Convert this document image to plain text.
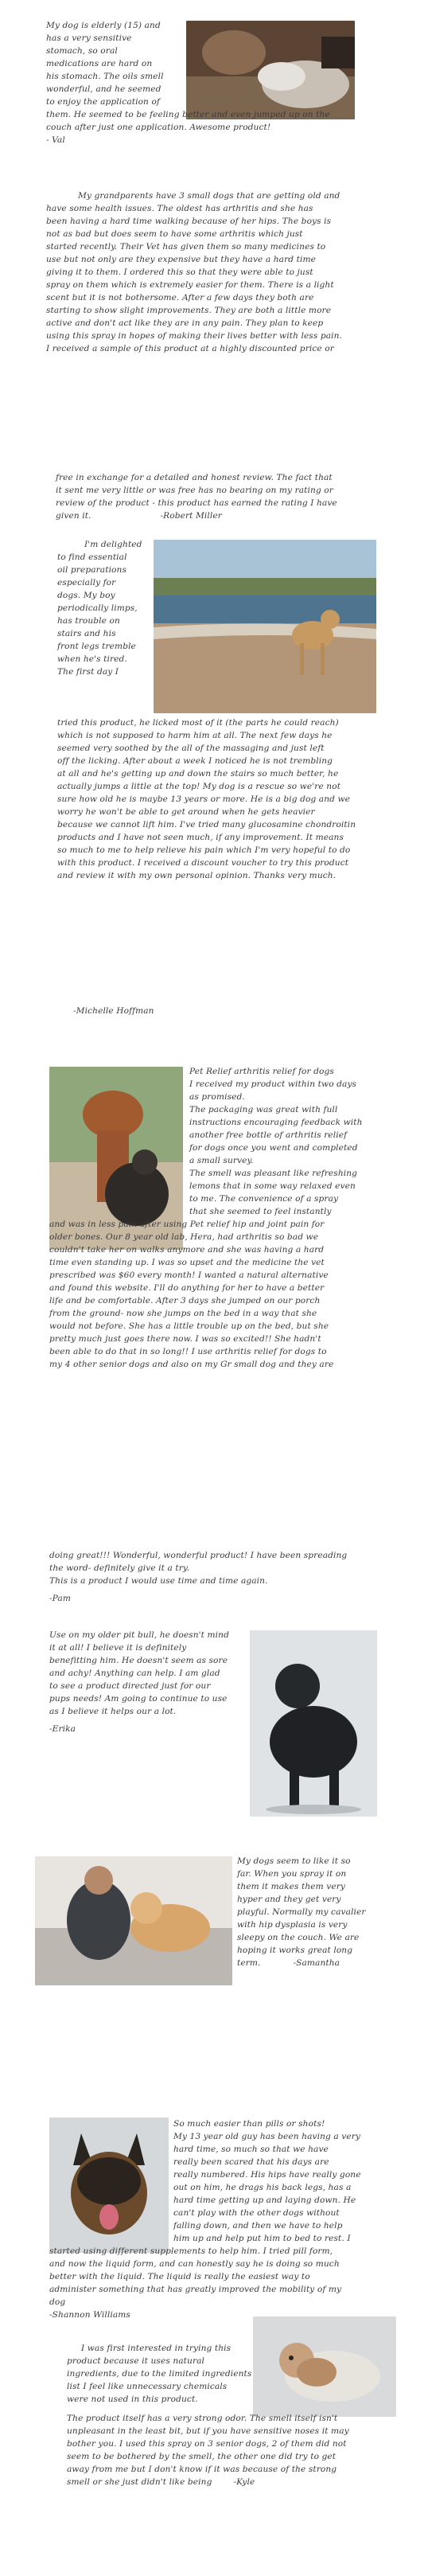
My dog is elderly (15) and
has a very sensitive
stomach, so oral
medications are hard on
his stomach. The oils smell
wonderful, and he seemed
to enjoy the application of
them. He seemed to be feeling better and even jumped up on the
couch after just one application. Awesome product!
- Val
My grandparents have 3 small dogs that are getting old and
have some health issues. The oldest has arthritis and she has
been having a hard time walking because of her hips. The boys is
not as bad but does seem to have some arthritis which just
started recently. Their Vet has given them so many medicines to
use but not only are they expensive but they have a hard time
giving it to them. I ordered this so that they were able to just
spray on them which is extremely easier for them. There is a light
scent but it is not bothersome. After a few days they both are
starting to show slight improvements. They are both a little more
active and don't act like they are in any pain. They plan to keep
using this spray in hopes of making their lives better with less pain.
I received a sample of this product at a highly discounted price or
free in exchange for a detailed and honest review. The fact that
it sent me very little or was free has no bearing on my rating or
review of the product - this product has earned the rating I have
given it.	-Robert Miller
I'm delighted
to find essential
oil preparations
especially for
dogs. My boy
periodically limps,
has trouble on
stairs and his
front legs tremble
when he's tired.
The first day I
tried this product, he licked most of it (the parts he could reach)
which is not supposed to harm him at all. The next few days he
seemed very soothed by the all of the massaging and just left
off the licking. After about a week I noticed he is not trembling
at all and he's getting up and down the stairs so much better, he
actually jumps a little at the top! My dog is a rescue so we're not
sure how old he is maybe 13 years or more. He is a big dog and we
worry he won't be able to get around when he gets heavier
because we cannot lift him. I've tried many glucosamine chondroitin
products and I have not seen much, if any improvement. It means
so much to me to help relieve his pain which I'm very hopeful to do
with this product. I received a discount voucher to try this product
and review it with my own personal opinion. Thanks very much.
-Michelle Hoffman
Pet Relief arthritis relief for dogs
I received my product within two days
as promised.
The packaging was great with full
instructions encouraging feedback with
another free bottle of arthritis relief
for dogs once you went and completed
a small survey.
The smell was pleasant like refreshing
lemons that in some way relaxed even
to me. The convenience of a spray
that she seemed to feel instantly
and was in less pain after using Pet relief hip and joint pain for
older bones. Our 8 year old lab, Hera, had arthritis so bad we
couldn't take her on walks anymore and she was having a hard
time even standing up. I was so upset and the medicine the vet
prescribed was $60 every month! I wanted a natural alternative
and found this website. I'll do anything for her to have a better
life and be comfortable. After 3 days she jumped on our porch
from the ground- now she jumps on the bed in a way that she
would not before. She has a little trouble up on the bed, but she
pretty much just goes there now. I was so excited!! She hadn't
been able to do that in so long!! I use arthritis relief for dogs to
my 4 other senior dogs and also on my Gr small dog and they are
doing great!!! Wonderful, wonderful product! I have been spreading
the word- definitely give it a try.
This is a product I would use time and time again.
-Pam
Use on my older pit bull, he doesn't mind
it at all! I believe it is definitely
benefitting him. He doesn't seem as sore
and achy! Anything can help. I am glad
to see a product directed just for our
pups needs! Am going to continue to use
as I believe it helps our a lot.
-Erika
My dogs seem to like it so
far. When you spray it on
them it makes them very
hyper and they get very
playful. Normally my cavalier
with hip dysplasia is very
sleepy on the couch. We are
hoping it works great long
term.	-Samantha
So much easier than pills or shots!
My 13 year old guy has been having a very
hard time, so much so that we have
really been scared that his days are
really numbered. His hips have really gone
out on him, he drags his back legs, has a
hard time getting up and laying down. He
can't play with the other dogs without
falling down, and then we have to help
him up and help put him to bed to rest. I
started using different supplements to help him. I tried pill form,
and now the liquid form, and can honestly say he is doing so much
better with the liquid. The liquid is really the easiest way to
administer something that has greatly improved the mobility of my
dog
-Shannon Williams
I was first interested in trying this
product because it uses natural
ingredients, due to the limited ingredients
list I feel like unnecessary chemicals
were not used in this product.
The product itself has a very strong odor. The smell itself isn't
unpleasant in the least bit, but if you have sensitive noses it may
bother you. I used this spray on 3 senior dogs, 2 of them did not
seem to be bothered by the smell, the other one did try to get
away from me but I don't know if it was because of the strong
smell or she just didn't like being	-Kyle
